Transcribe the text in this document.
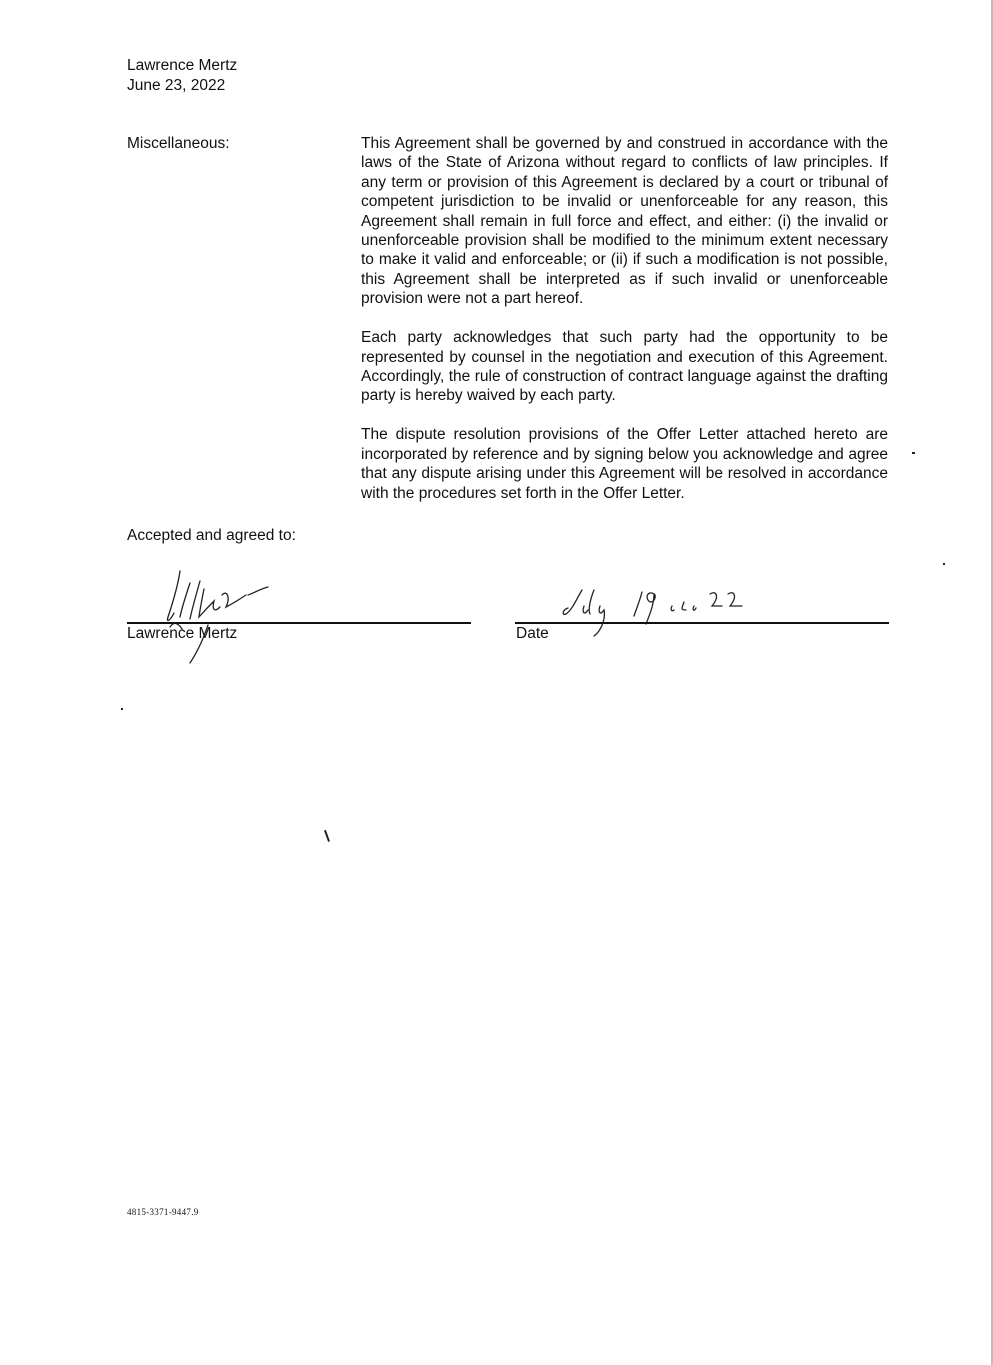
Lawrence Mertz
June 23, 2022
Miscellaneous:	This Agreement shall be governed by and construed in accordance with the laws of the State of Arizona without regard to conflicts of law principles. If any term or provision of this Agreement is declared by a court or tribunal of competent jurisdiction to be invalid or unenforceable for any reason, this Agreement shall remain in full force and effect, and either: (i) the invalid or unenforceable provision shall be modified to the minimum extent necessary to make it valid and enforceable; or (ii) if such a modification is not possible, this Agreement shall be interpreted as if such invalid or unenforceable provision were not a part hereof.

Each party acknowledges that such party had the opportunity to be represented by counsel in the negotiation and execution of this Agreement. Accordingly, the rule of construction of contract language against the drafting party is hereby waived by each party.

The dispute resolution provisions of the Offer Letter attached hereto are incorporated by reference and by signing below you acknowledge and agree that any dispute arising under this Agreement will be resolved in accordance with the procedures set forth in the Offer Letter.

Accepted and agreed to:
Lawrence Mertz	Date
4815-3371-9447.9
